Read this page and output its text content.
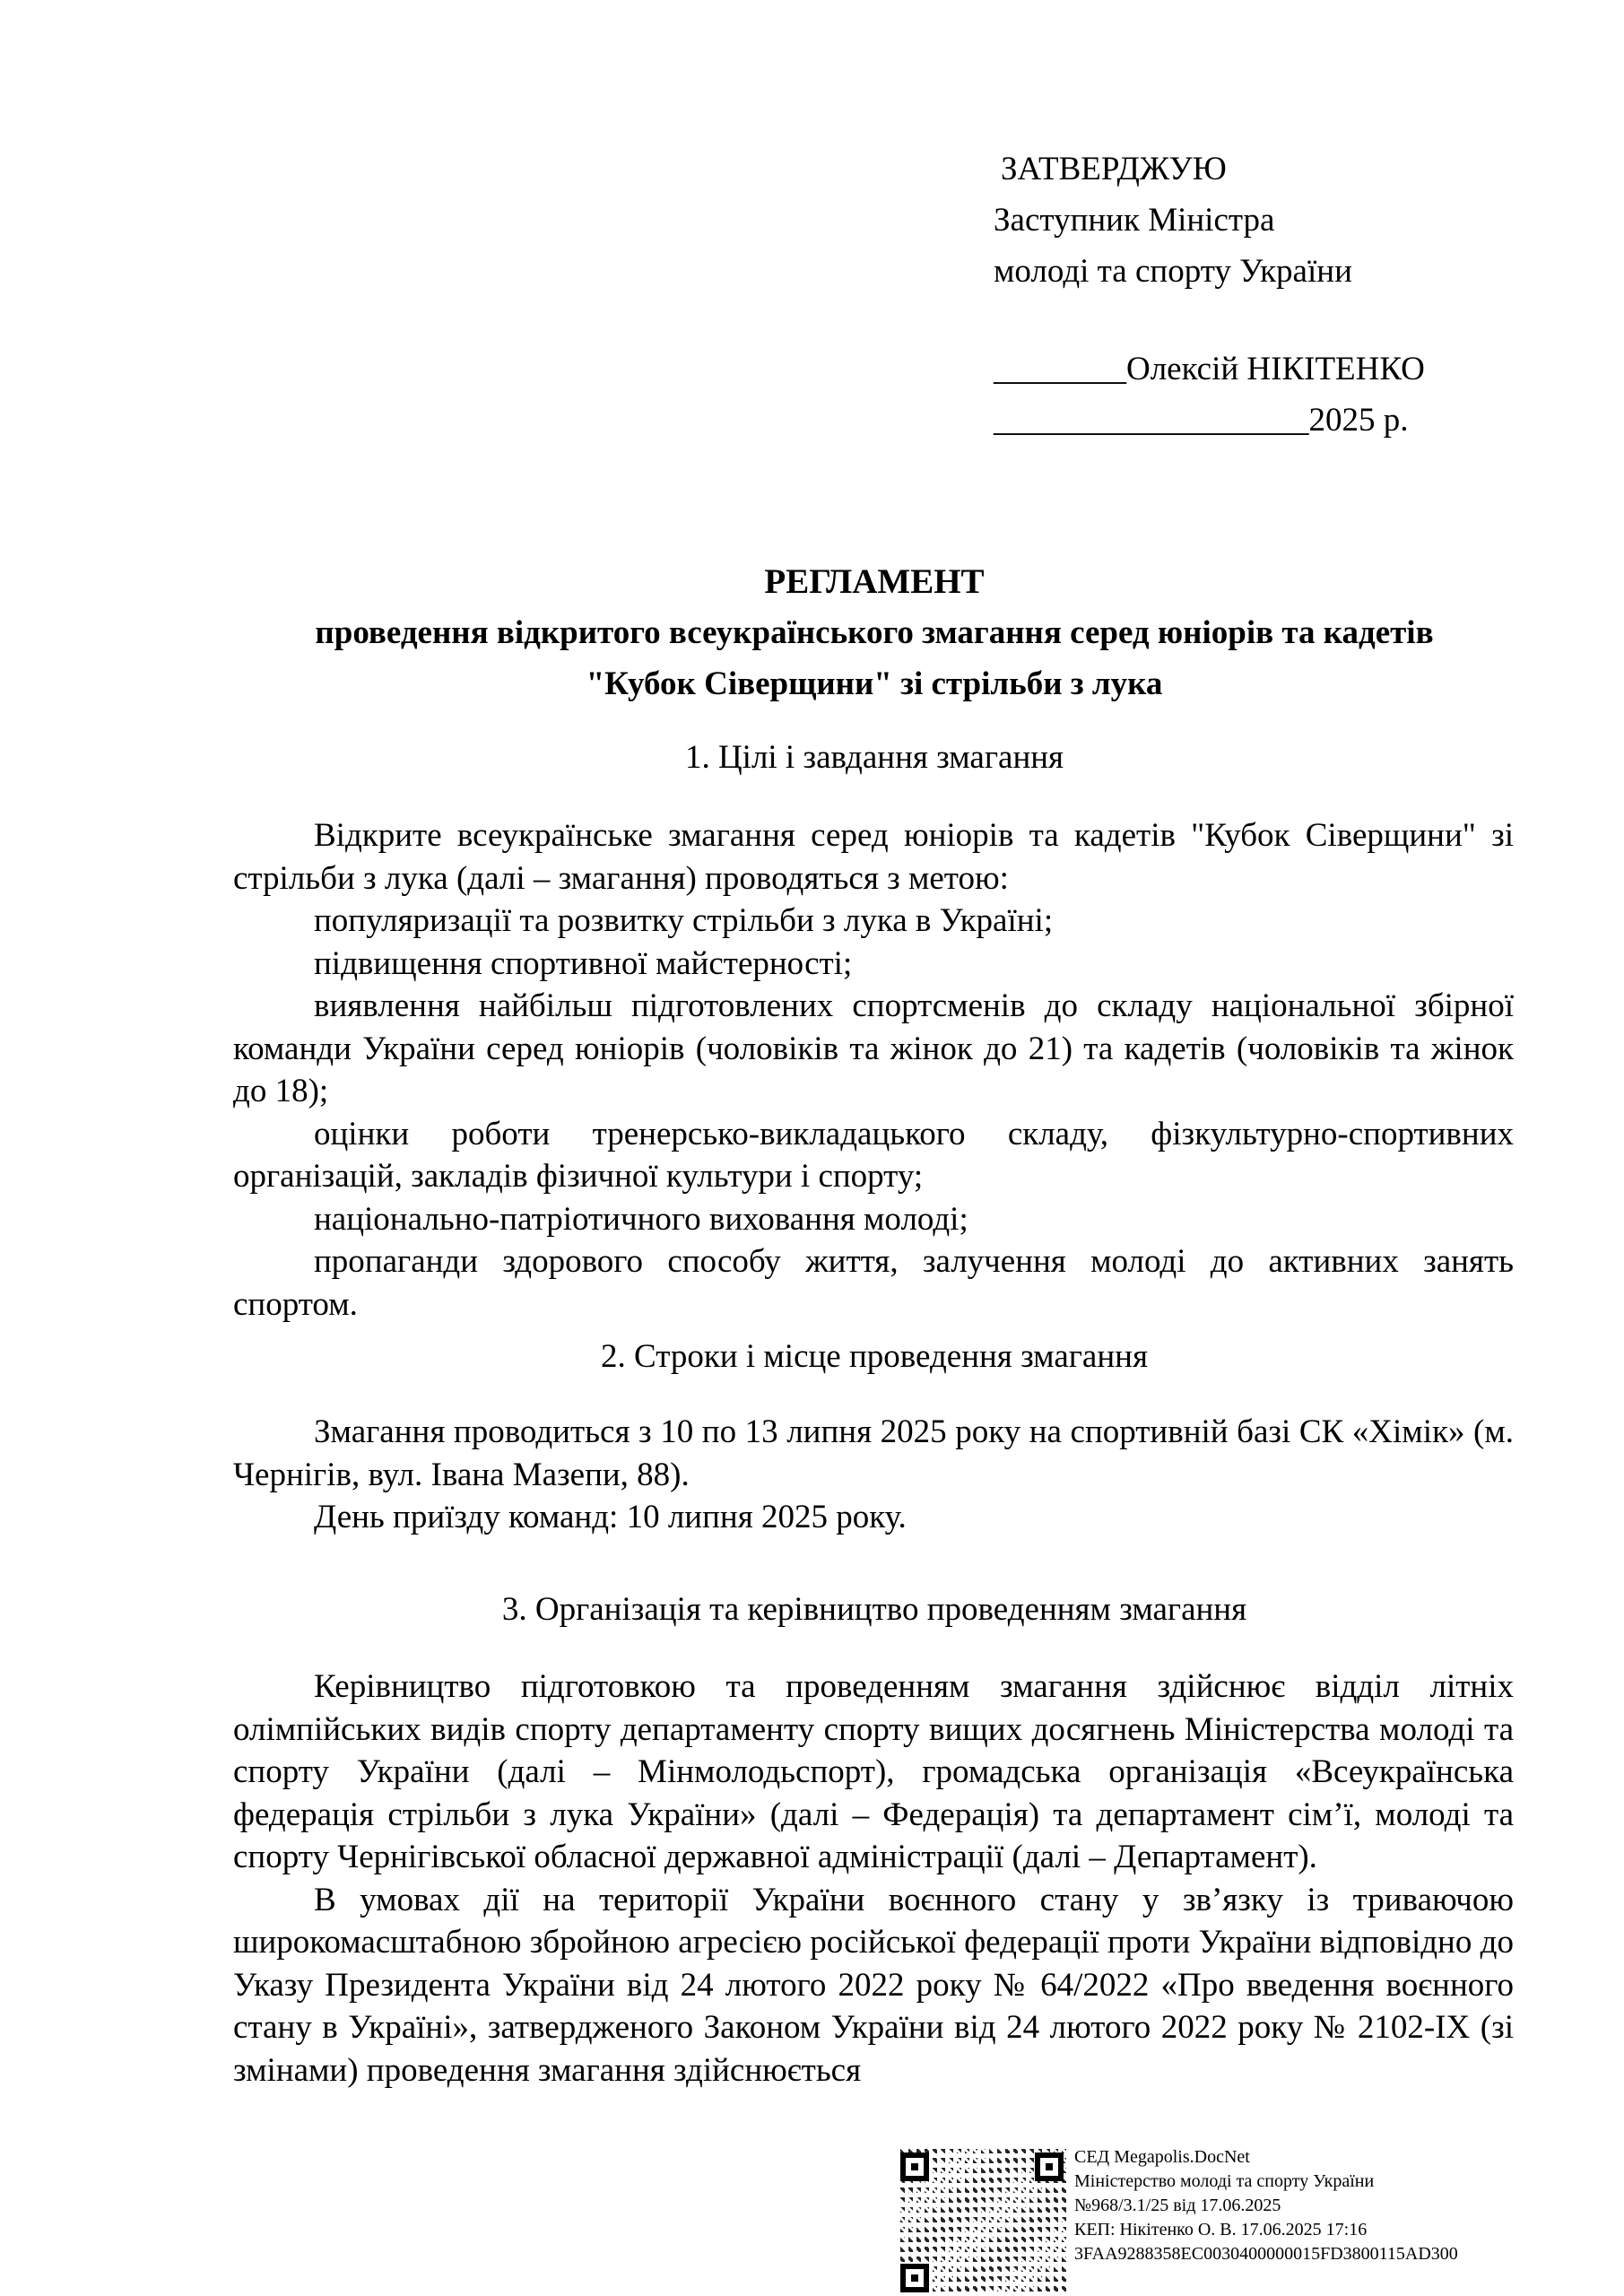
ЗАТВЕРДЖУЮ
Заступник Міністра
молоді та спорту України
________Олексій НІКІТЕНКО
___________________2025 р.
РЕГЛАМЕНТ
проведення відкритого всеукраїнського змагання серед юніорів та кадетів
"Кубок Сіверщини" зі стрільби з лука
1. Цілі і завдання змагання

Відкрите всеукраїнське змагання серед юніорів та кадетів "Кубок Сіверщини" зі стрільби з лука (далі – змагання) проводяться з метою:

популяризації та розвитку стрільби з лука в Україні;

підвищення спортивної майстерності;

виявлення найбільш підготовлених спортсменів до складу національної збірної команди України серед юніорів (чоловіків та жінок до 21) та кадетів (чоловіків та жінок до 18);

оцінки роботи тренерсько-викладацького складу, фізкультурно-спортивних організацій, закладів фізичної культури і спорту;

національно-патріотичного виховання молоді;

пропаганди здорового способу життя, залучення молоді до активних занять спортом.

2. Строки і місце проведення змагання

Змагання проводиться з 10 по 13 липня 2025 року на спортивній базі СК «Хімік» (м. Чернігів, вул. Івана Мазепи, 88).

День приїзду команд: 10 липня 2025 року.

3. Організація та керівництво проведенням змагання

Керівництво підготовкою та проведенням змагання здійснює відділ літніх олімпійських видів спорту департаменту спорту вищих досягнень Міністерства молоді та спорту України (далі – Мінмолодьспорт), громадська організація «Всеукраїнська федерація стрільби з лука України» (далі – Федерація) та департамент сім’ї, молоді та спорту Чернігівської обласної державної адміністрації (далі – Департамент).

В умовах дії на території України воєнного стану у зв’язку із триваючою широкомасштабною збройною агресією російської федерації проти України відповідно до Указу Президента України від 24 лютого 2022 року № 64/2022 «Про введення воєнного стану в Україні», затвердженого Законом України від 24 лютого 2022 року № 2102-IX (зі змінами) проведення змагання здійснюється

СЕД Megapolis.DocNet
Міністерство молоді та спорту України
№968/3.1/25 від 17.06.2025
КЕП: Нікітенко О. В. 17.06.2025 17:16
3FAA9288358EC0030400000015FD3800115AD300
